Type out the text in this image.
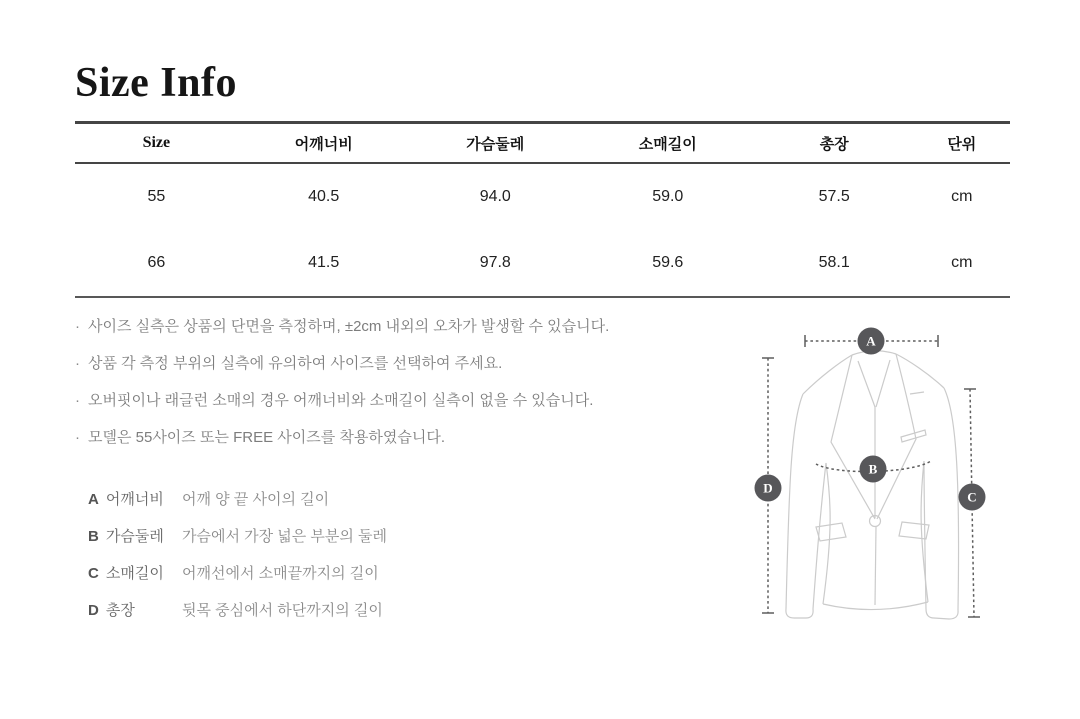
Size Info
Size	어깨너비	가슴둘레	소매길이	총장	단위
55	40.5	94.0	59.0	57.5	cm
66	41.5	97.8	59.6	58.1	cm
· 사이즈 실측은 상품의 단면을 측정하며, ±2cm 내외의 오차가 발생할 수 있습니다.
· 상품 각 측정 부위의 실측에 유의하여 사이즈를 선택하여 주세요.
· 오버핏이나 래글런 소매의 경우 어깨너비와 소매길이 실측이 없을 수 있습니다.
· 모델은 55사이즈 또는 FREE 사이즈를 착용하였습니다.
A 어깨너비	어깨 양 끝 사이의 길이
B 가슴둘레	가슴에서 가장 넓은 부분의 둘레
C 소매길이	어깨선에서 소매끝까지의 길이
D 총장	뒷목 중심에서 하단까지의 길이
A
B
C
D
